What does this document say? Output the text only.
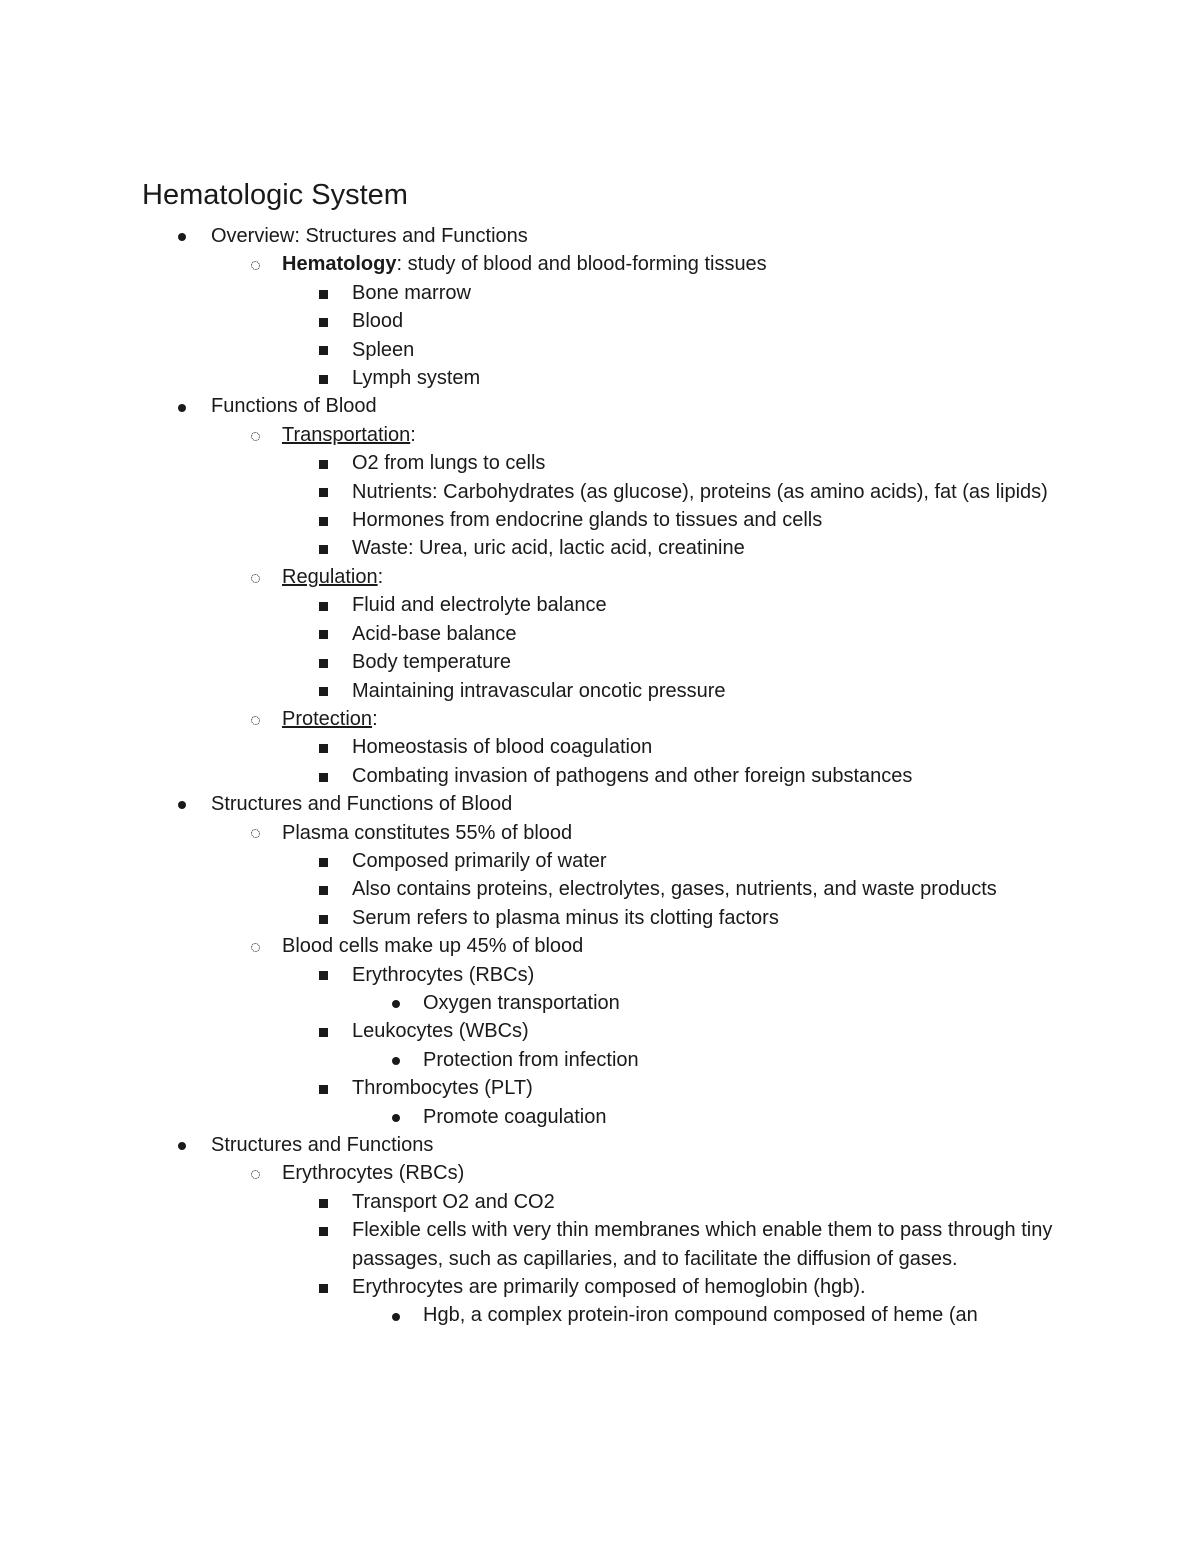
Hematologic System
Overview: Structures and Functions
Hematology: study of blood and blood-forming tissues
Bone marrow
Blood
Spleen
Lymph system
Functions of Blood
Transportation:
O2 from lungs to cells
Nutrients: Carbohydrates (as glucose), proteins (as amino acids), fat (as lipids)
Hormones from endocrine glands to tissues and cells
Waste: Urea, uric acid, lactic acid, creatinine
Regulation:
Fluid and electrolyte balance
Acid-base balance
Body temperature
Maintaining intravascular oncotic pressure
Protection:
Homeostasis of blood coagulation
Combating invasion of pathogens and other foreign substances
Structures and Functions of Blood
Plasma constitutes 55% of blood
Composed primarily of water
Also contains proteins, electrolytes, gases, nutrients, and waste products
Serum refers to plasma minus its clotting factors
Blood cells make up 45% of blood
Erythrocytes (RBCs)
Oxygen transportation
Leukocytes (WBCs)
Protection from infection
Thrombocytes (PLT)
Promote coagulation
Structures and Functions
Erythrocytes (RBCs)
Transport O2 and CO2
Flexible cells with very thin membranes which enable them to pass through tiny passages, such as capillaries, and to facilitate the diffusion of gases.
Erythrocytes are primarily composed of hemoglobin (hgb).
Hgb, a complex protein-iron compound composed of heme (an
